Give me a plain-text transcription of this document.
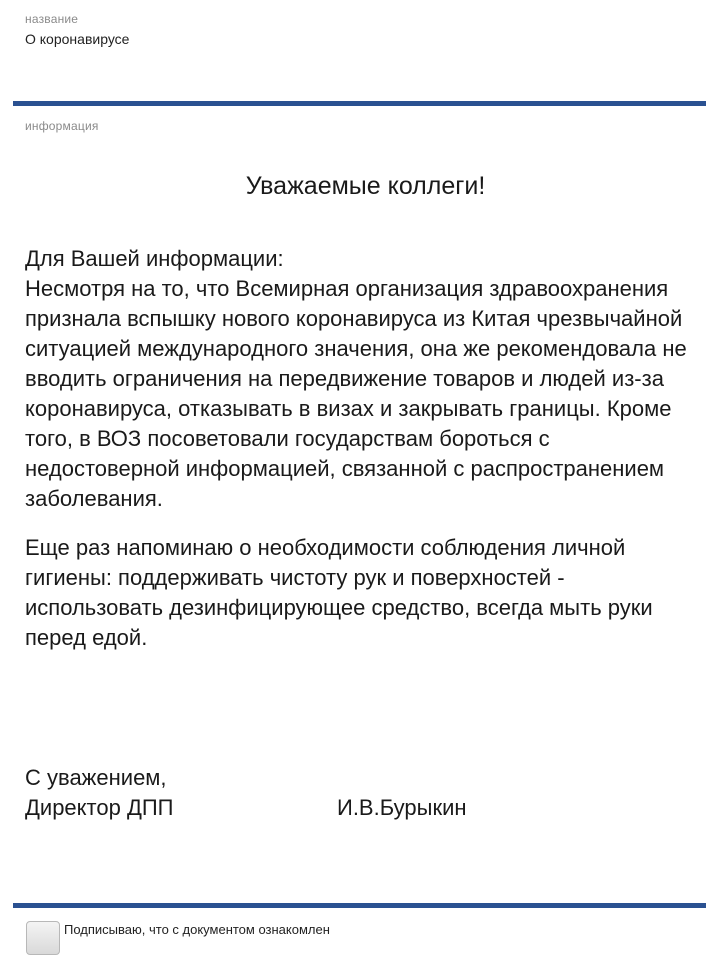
название
О коронавирусе
информация
Уважаемые коллеги!

Для Вашей информации:
Несмотря на то, что Всемирная организация здравоохранения признала вспышку нового коронавируса из Китая чрезвычайной ситуацией международного значения, она же рекомендовала не вводить ограничения на передвижение товаров и людей из-за коронавируса, отказывать в визах и закрывать границы. Кроме того, в ВОЗ посоветовали государствам бороться с недостоверной информацией, связанной с распространением заболевания.

Еще раз напоминаю о необходимости соблюдения личной гигиены: поддерживать чистоту рук и поверхностей - использовать дезинфицирующее средство, всегда мыть руки перед едой.

С уважением,
Директор ДПП	И.В.Бурыкин
Подписываю, что с документом ознакомлен
